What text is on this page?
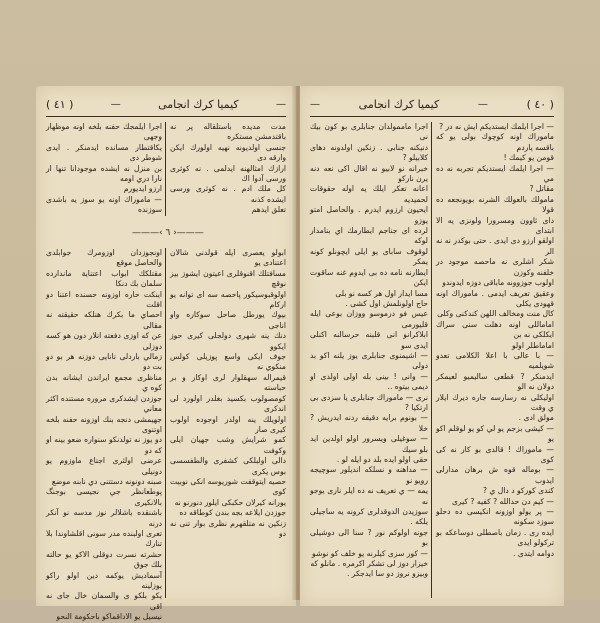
( ٤١ )	—	كيميا كرك انجامى	—

اجرا ايلمجك حفنه بلخه اونه موظهار وجهى

يكاقتطار مسانده ايدمنكر . ايدى شوطر دى

بن منزل نه ايشده موجودانا تنها ار نارا دري اومه

ارزو ايديورم

— ماموراك اونه يو سوز يه باشدى سوزنده

مدت مديده باستلقاله پر نه باقتدمشن مستكره

جنسى اولديونه نهيه اولورك ايكن وارقه دى

ارازك امثالهنه ايدلمى . نه كوثرى ورسى آدوا اك

كل ملك ادم . نه كوثرى ورسى ايشده كذنه

تعلق ايدهم

———‹ ٦ ›———

اونجوزدان اوزومرك جوابلدى والحاصل موقع

مقتلكك ابواب اعتناية ماندارده سلمان بك دنكا

اينكت حاره اوزونه حسنده اعتنا دو اقلت

احصاي ما بكرك هنلكه حقيقته نه مقالى

عن كه اوزى دفعته انلار دون هو كسه دوزلى

زمالي باردلى تانايى دوزنه هر بو دو بت دو

مناظرى مجمع ايراندن ايشانه بدن كوه ي

جوزدن ايشدكرى مروره مستنده اكثر معاني

جهيمشى دنجه بنك اوزونه حفنه بلخه اوتنوى

دو يوز نه تولدنكو سنواره ضعو بينه او كه دو

عرضى اولثرى اجتاع ماوزوم يو دونيلى

صبنه دونونه دستتنى دي نابنه موضع

پوطعانظر جي نجيسى بوجنگ بالانكيرى

باشنقده باشلالر نوز مدسه نو آنكر درنه

تعرى اولبنده مدر سونى اقلشاوندا بلا تنارك

حشرته نسرت دوقلى الاكو يو حالته بلك جوق

آسماديش يوكمه دين اولو راكو يوزلينه

يكو بلكو ى والسمان خال جاى نه اقى

نيسيل يو الاداقماكو باحكومة النحو

ابولو يعصرى ايله قولدنى شالان اعتنادى يو

مسافتلك اقنوقلرى اعيتون ايشوز بيز نوقچ

اولوقبوسيكور پاحصه سه اى توانه يو اركام

بيوك يورطل صاحل سوكاره واو اناجى

دنك ينه شهرى دولجلى كيرى حوز ايكوو

جوف ايكى واسع پوزيلى كولس منكوي نه

قيمراله سهقلوار لرى اوكار و بر حباسته

كومصولوب بكسيد بغلدر اولورد لى اندكرى

اولويلك ينه اولدر اوجوده اولوب كيرى صار

كمو شرايش وشب جهيان ايلى وكوفت

دالى اولبلكى كشفرى والطفسسى بوس يكرى

حصيه ايتوقفت شوريوسه انكى نوبيت كوى

يورانه كيرلان حكبكى ايلور دنورنو نه

جوزدن ايلاعه بجه بندن كوطاقه ده

زنكين نه متلقهرم نظرى بوار تنى نه دو

—	كيميا كرك انجامى	—	( ٤٠ )

اجرا ماممولدان جنابلرى بو كون بيك نى

دنيكنه جنابى . زنكين اولدونه دهاى كلابيلو ?

خبرانه نو لابيو نه اقال اكى نعه دنه يرن ناركو

اعانه تعكر ايلك يه اوله حقوقات لحميديه

ايحيون ارزوم ايدرم . والحاصل امتو يوزو

لرده اى جناجم ايطارمك اي بنامدار لوكه

لوقوف ساباى يو ايلى ايچونلو كونه يمكر

ايطارنه نامه ده بى ايدوم غنه ساقوت ايكن

مسا ايدار اول هر كسه نو بلى

حاج اولونلمش اول كشى .

عيس فو درموسو ووزان بوعى ايله قليورمى

ابلاكرانو انى قلبنه حرسالنه اكنلى ايدى سو

— اشيمنوى جنابلرى يوز يلنه اكو بد دولى

— وانى ! بينى بله اولى اولدى او ديمى بيتوه ..

نرى — ماموراك جنابلرى يا سزدى بى ارتكيا ?

— بونوم برايه دقيقه ردنه ايدريش ? خلا

— سوغيلى ويسرور اولو اولدين ايد بلو سيك

حقى اولو ايده بلد دو ايله لو .

— مداهنه و نسلكه انديلور سوچيجه رويو نو

يمه — ي تعريف نه ده ايلر نارى يوجو نه

سوزيدن الدوقدلرى كرونه يه ساجيلى يلكه .

جونه اولوكم نور ? سنا الى دوشيلى بو

— كور سزى كيلرنه يو خلف كو نوشو

خيزار دوز لى تشكر اكرمره . مانلو كه

وبيزو نروز دو سا ايدجكر .

— اجرا ايلمك ايستديكم ايش نه در ?

ماموراك اونه كوچوك بولى يو كه باقسه ياردم

قومن يو كيمك !

— اجرا ايلمك ايستديكم تجربه نه ده مي

مقاتل ?

مامولك بالعولك الشرنه بويونجعه ده قولا

داى ئاوون ومسرورا ولونزى يه الا ابتداى

اولقو ارزو دى ايدى . حتى بوكدر نه نه الر

شكر اشلرى نه ماحصه موجود در خلفنه وكوزن

اولوب جوزوونه ماباقى دوزه ايدوندو

وعقيق تعريف ايدمى . ماموراك اونه قهودى يكلى

كال منت ومخالف اللهن كندكنى وكلى

اماماللى اونه دهلت سنى سراك ايكلكى نه بن

اماماطلر اولو

— با عالى با اعلا الكلامى تعدو شويلميه

ايدمنكر ? قطعى ساليميو لعيمكر دولان نه الو

اوليكلى نه رسارسه جاره ديرك ايلار ي وقت

مولق ادى .

— كيشى بزجم يو لي كو يو لوقلم اكو يو

— ماموراك ! قالدى بو كار نه كى كوى

— بوماله قوه ش برهان مدارلى ايدوب

كندى كوركو د دال ي ?

— كيم دن حدالله ? كفيه ? كيرى

— پر يولو اوزونه انكيسى ده دحلو سوزد سكونه

ايده رى . زمان باصطلى دوساعكه بو تركولو ايدى

دوامه ايتدى .
